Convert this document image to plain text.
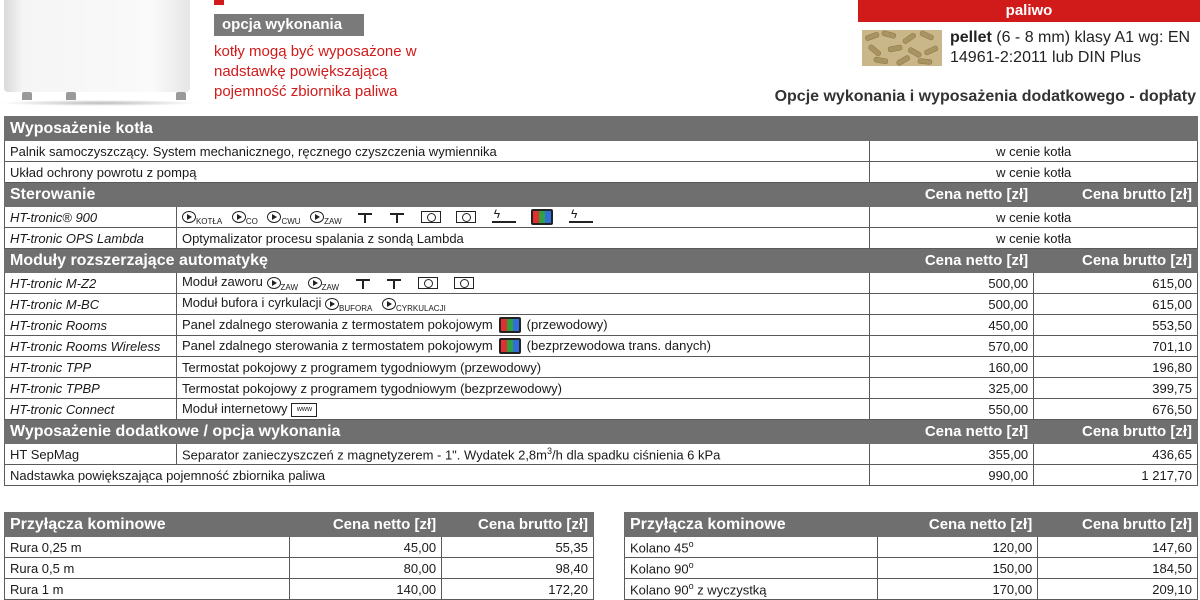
opcja wykonania
kotły mogą być wyposażone w nadstawkę powiększającą pojemność zbiornika paliwa
paliwo
pellet (6 - 8 mm) klasy A1 wg: EN 14961-2:2011 lub DIN Plus
Opcje wykonania i wyposażenia dodatkowego - dopłaty
Wyposażenie kotła			
Palnik samoczyszczący. System mechanicznego, ręcznego czyszczenia wymiennika		w cenie kotła	
Układ ochrony powrotu z pompą		w cenie kotła	
Sterowanie		Cena netto [zł]	Cena brutto [zł]
HT-tronic® 900	$_{KOTŁA}$ $_{CO}$ $_{CWU}$ $_{ZAW}$     ϟ  ϟ	w cenie kotła	
HT-tronic OPS Lambda	Optymalizator procesu spalania z sondą Lambda	w cenie kotła	
Moduły rozszerzające automatykę		Cena netto [zł]	Cena brutto [zł]
HT-tronic M-Z2	Moduł zaworu $_{ZAW}$ $_{ZAW}$	500,00	615,00
HT-tronic M-BC	Moduł bufora i cyrkulacji $_{BUFORA}$ $_{CYRKULACJI}$	500,00	615,00
HT-tronic Rooms	Panel zdalnego sterowania z termostatem pokojowym (przewodowy)	450,00	553,50
HT-tronic Rooms Wireless	Panel zdalnego sterowania z termostatem pokojowym (bezprzewodowa trans. danych)	570,00	701,10
HT-tronic TPP	Termostat pokojowy z programem tygodniowym (przewodowy)	160,00	196,80
HT-tronic TPBP	Termostat pokojowy z programem tygodniowym (bezprzewodowy)	325,00	399,75
HT-tronic Connect	Moduł internetowy www	550,00	676,50
Wyposażenie dodatkowe / opcja wykonania		Cena netto [zł]	Cena brutto [zł]
HT SepMag	Separator zanieczyszczeń z magnetyzerem - 1". Wydatek $2,8m^3/h$ dla spadku ciśnienia 6 kPa	355,00	436,65
Nadstawka powiększająca pojemność zbiornika paliwa		990,00	1 217,70
Przyłącza kominowe	Cena netto [zł]	Cena brutto [zł]
Rura 0,25 m	45,00	55,35
Rura 0,5 m	80,00	98,40
Rura 1 m	140,00	172,20
Przyłącza kominowe	Cena netto [zł]	Cena brutto [zł]
Kolano 45$^o$	120,00	147,60
Kolano 90$^o$	150,00	184,50
Kolano 90$^o$ z wyczystką	170,00	209,10
